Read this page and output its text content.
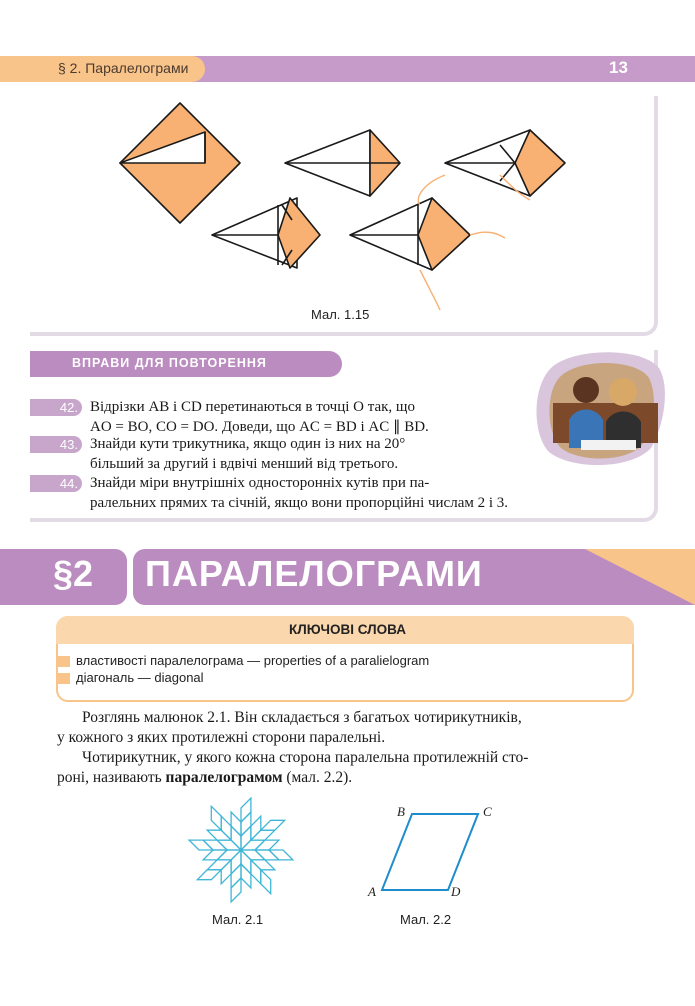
§ 2. Паралелограми	13
Мал. 1.15
ВПРАВИ ДЛЯ ПОВТОРЕННЯ
42. Відрізки AB і CD перетинаються в точці O так, що
AO = BO, CO = DO. Доведи, що AC = BD і AC ∥ BD.
43. Знайди кути трикутника, якщо один із них на 20°
більший за другий і вдвічі менший від третього.
44. Знайди міри внутрішніх односторонніх кутів при па-
ралельних прямих та січній, якщо вони пропорційні числам 2 і 3.
§2 ПАРАЛЕЛОГРАМИ
КЛЮЧОВІ СЛОВА
властивості паралелограма — properties of a paralielogram
діагональ — diagonal
Розглянь малюнок 2.1. Він складається з багатьох чотирикутників,
у кожного з яких протилежні сторони паралельні.
Чотирикутник, у якого кожна сторона паралельна протилежній сто-
роні, називають паралелограмом (мал. 2.2).
Мал. 2.1
A
B	C
D
Мал. 2.2
